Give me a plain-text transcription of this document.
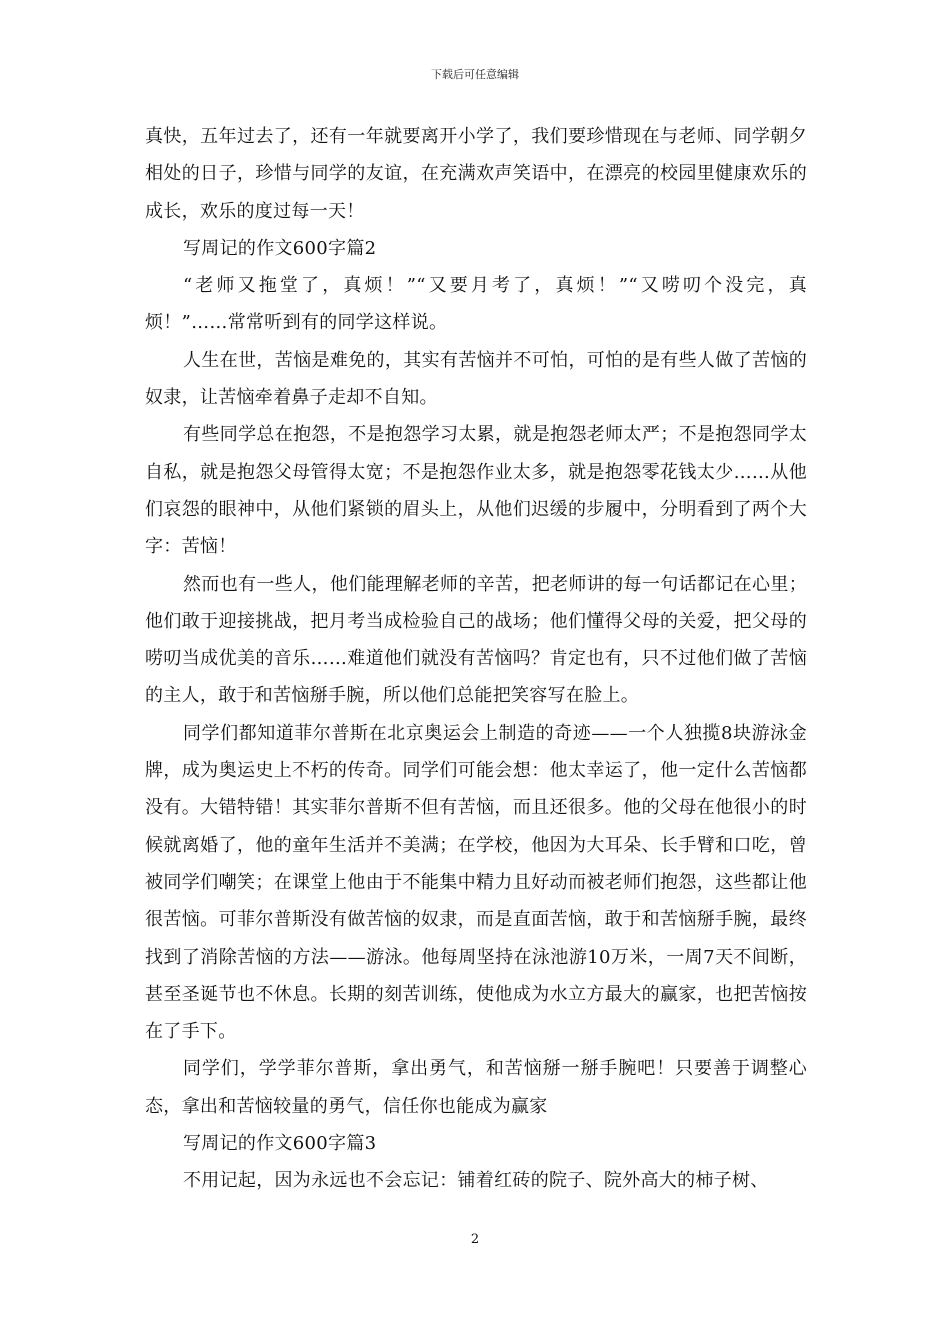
下载后可任意编辑

真快，五年过去了，还有一年就要离开小学了，我们要珍惜现在与老师、同学朝夕相处的日子，珍惜与同学的友谊，在充满欢声笑语中，在漂亮的校园里健康欢乐的成长，欢乐的度过每一天！

写周记的作文600字篇2

“老师又拖堂了，真烦！”“又要月考了，真烦！”“又唠叨个没完，真烦！”……常常听到有的同学这样说。

人生在世，苦恼是难免的，其实有苦恼并不可怕，可怕的是有些人做了苦恼的奴隶，让苦恼牵着鼻子走却不自知。

有些同学总在抱怨，不是抱怨学习太累，就是抱怨老师太严；不是抱怨同学太自私，就是抱怨父母管得太宽；不是抱怨作业太多，就是抱怨零花钱太少……从他们哀怨的眼神中，从他们紧锁的眉头上，从他们迟缓的步履中，分明看到了两个大字：苦恼！

然而也有一些人，他们能理解老师的辛苦，把老师讲的每一句话都记在心里；他们敢于迎接挑战，把月考当成检验自己的战场；他们懂得父母的关爱，把父母的唠叨当成优美的音乐……难道他们就没有苦恼吗？肯定也有，只不过他们做了苦恼的主人，敢于和苦恼掰手腕，所以他们总能把笑容写在脸上。

同学们都知道菲尔普斯在北京奥运会上制造的奇迹——一个人独揽8块游泳金牌，成为奥运史上不朽的传奇。同学们可能会想：他太幸运了，他一定什么苦恼都没有。大错特错！其实菲尔普斯不但有苦恼，而且还很多。他的父母在他很小的时候就离婚了，他的童年生活并不美满；在学校，他因为大耳朵、长手臂和口吃，曾被同学们嘲笑；在课堂上他由于不能集中精力且好动而被老师们抱怨，这些都让他很苦恼。可菲尔普斯没有做苦恼的奴隶，而是直面苦恼，敢于和苦恼掰手腕，最终找到了消除苦恼的方法——游泳。他每周坚持在泳池游10万米，一周7天不间断，甚至圣诞节也不休息。长期的刻苦训练，使他成为水立方最大的赢家，也把苦恼按在了手下。

同学们，学学菲尔普斯，拿出勇气，和苦恼掰一掰手腕吧！只要善于调整心态，拿出和苦恼较量的勇气，信任你也能成为赢家

写周记的作文600字篇3

不用记起，因为永远也不会忘记：铺着红砖的院子、院外高大的柿子树、

2
